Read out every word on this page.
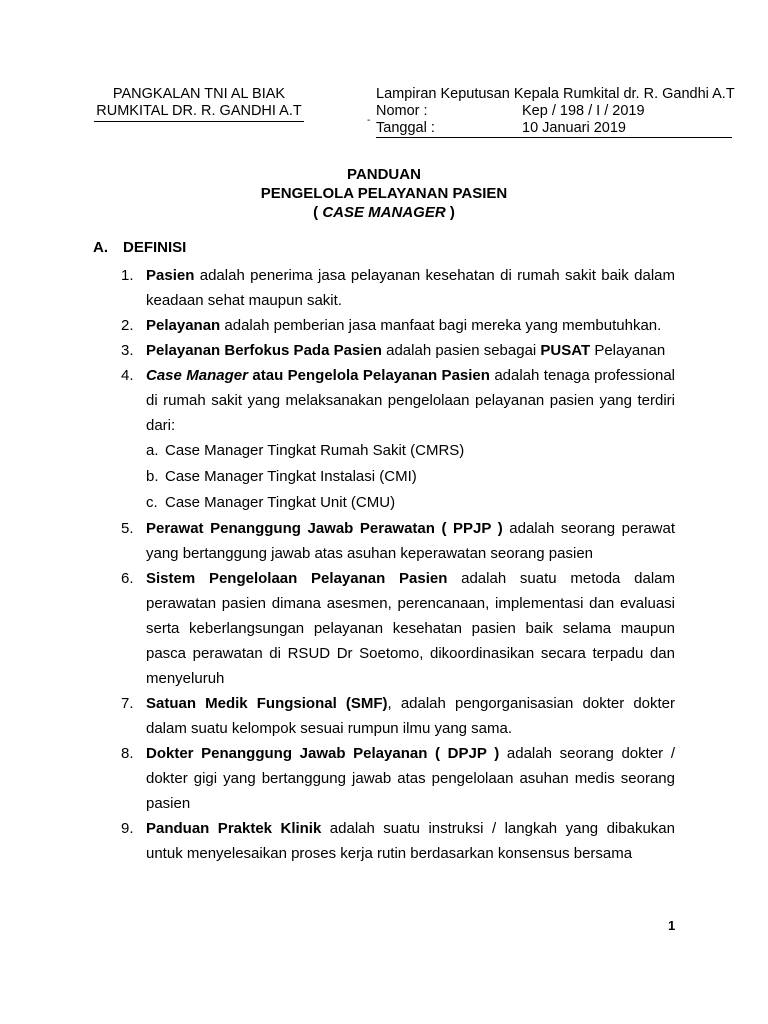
PANGKALAN TNI AL BIAK
RUMKITAL DR. R. GANDHI A.T
-
Lampiran Keputusan Kepala Rumkital dr. R. Gandhi A.T
Nomor :	Kep / 198 / I / 2019
Tanggal :	10 Januari 2019
PANDUAN
PENGELOLA PELAYANAN PASIEN
( CASE MANAGER )
A. DEFINISI
1. Pasien adalah penerima jasa pelayanan kesehatan di rumah sakit baik dalam keadaan sehat maupun sakit.
2. Pelayanan adalah pemberian jasa manfaat bagi mereka yang membutuhkan.
3. Pelayanan Berfokus Pada Pasien adalah pasien sebagai PUSAT Pelayanan
4. Case Manager atau Pengelola Pelayanan Pasien adalah tenaga professional di rumah sakit yang melaksanakan pengelolaan pelayanan pasien yang terdiri dari:
a. Case Manager Tingkat Rumah Sakit (CMRS)
b. Case Manager Tingkat Instalasi (CMI)
c. Case Manager Tingkat Unit (CMU)
5. Perawat Penanggung Jawab Perawatan ( PPJP ) adalah seorang perawat yang bertanggung jawab atas asuhan keperawatan seorang pasien
6. Sistem Pengelolaan Pelayanan Pasien adalah suatu metoda dalam perawatan pasien dimana asesmen, perencanaan, implementasi dan evaluasi serta keberlangsungan pelayanan kesehatan pasien baik selama maupun pasca perawatan di RSUD Dr Soetomo, dikoordinasikan secara terpadu dan menyeluruh
7. Satuan Medik Fungsional (SMF), adalah pengorganisasian dokter dokter dalam suatu kelompok sesuai rumpun ilmu yang sama.
8. Dokter Penanggung Jawab Pelayanan ( DPJP ) adalah seorang dokter / dokter gigi yang bertanggung jawab atas pengelolaan asuhan medis seorang pasien
9. Panduan Praktek Klinik adalah suatu instruksi / langkah yang dibakukan untuk menyelesaikan proses kerja rutin berdasarkan konsensus bersama
1
